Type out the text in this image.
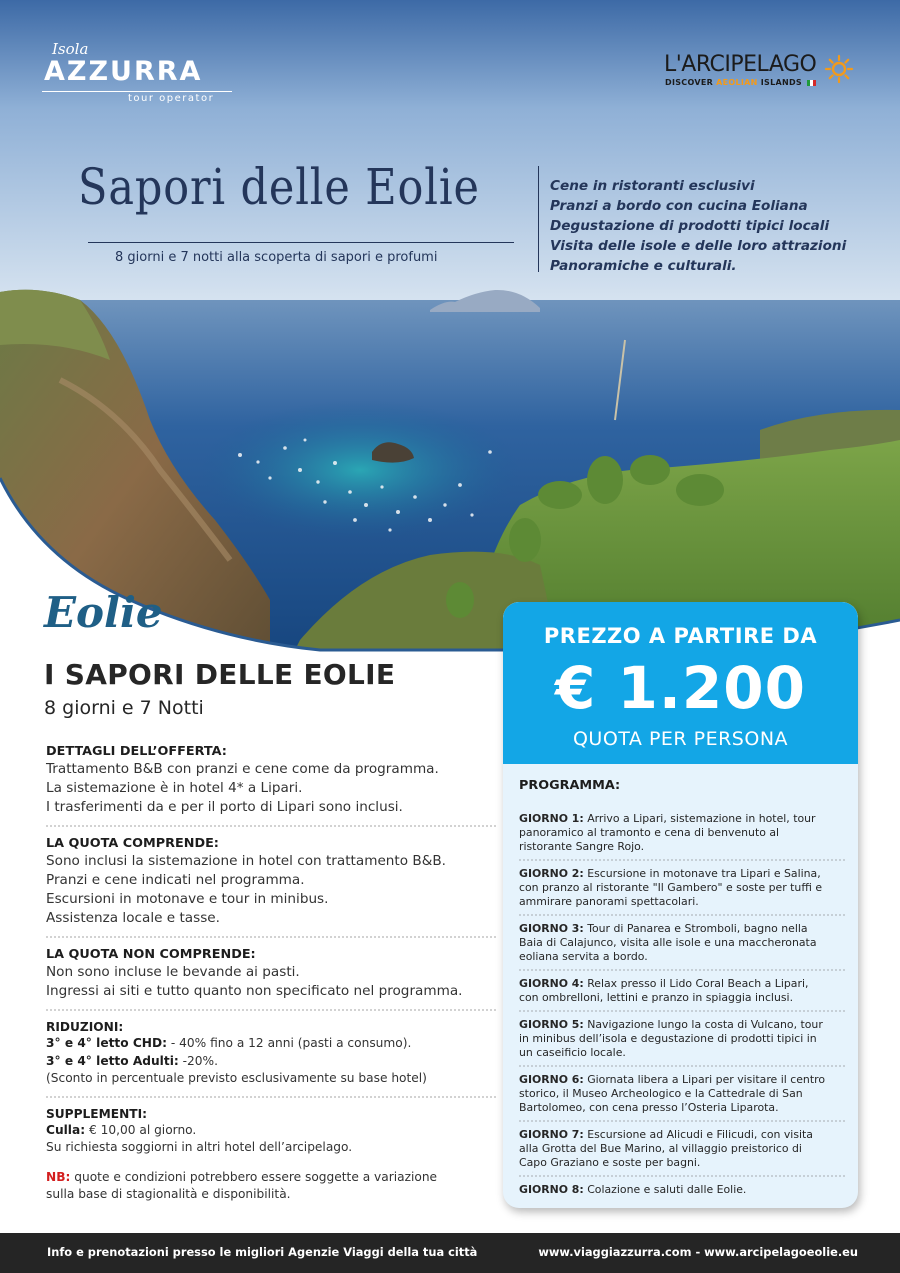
Isola
AZZURRA
tour operator
L'ARCIPELAGO
DISCOVER AEOLIAN ISLANDS
Sapori delle Eolie
8 giorni e 7 notti alla scoperta di sapori e profumi
Cene in ristoranti esclusivi
Pranzi a bordo con cucina Eoliana
Degustazione di prodotti tipici locali
Visita delle isole e delle loro attrazioni
Panoramiche e culturali.
Eolie
I SAPORI DELLE EOLIE
8 giorni e 7 Notti
DETTAGLI DELL’OFFERTA:

Trattamento B&B con pranzi e cene come da programma.

La sistemazione è in hotel 4* a Lipari.

I trasferimenti da e per il porto di Lipari sono inclusi.

LA QUOTA COMPRENDE:

Sono inclusi la sistemazione in hotel con trattamento B&B.

Pranzi e cene indicati nel programma.

Escursioni in motonave e tour in minibus.

Assistenza locale e tasse.

LA QUOTA NON COMPRENDE:

Non sono incluse le bevande ai pasti.

Ingressi ai siti e tutto quanto non specificato nel programma.

RIDUZIONI:

3° e 4° letto CHD: - 40% fino a 12 anni (pasti a consumo).

3° e 4° letto Adulti: -20%.

(Sconto in percentuale previsto esclusivamente su base hotel)

SUPPLEMENTI:

Culla: € 10,00 al giorno.

Su richiesta soggiorni in altri hotel dell’arcipelago.

NB: quote e condizioni potrebbero essere soggette a variazione
sulla base di stagionalità e disponibilità.
PREZZO A PARTIRE DA
€ 1.200
QUOTA PER PERSONA
PROGRAMMA:

GIORNO 1: Arrivo a Lipari, sistemazione in hotel, tour

panoramico al tramonto e cena di benvenuto al

ristorante Sangre Rojo.

GIORNO 2: Escursione in motonave tra Lipari e Salina,

con pranzo al ristorante "Il Gambero" e soste per tuffi e

ammirare panorami spettacolari.

GIORNO 3: Tour di Panarea e Stromboli, bagno nella

Baia di Calajunco, visita alle isole e una maccheronata

eoliana servita a bordo.

GIORNO 4: Relax presso il Lido Coral Beach a Lipari,

con ombrelloni, lettini e pranzo in spiaggia inclusi.

GIORNO 5: Navigazione lungo la costa di Vulcano, tour

in minibus dell’isola e degustazione di prodotti tipici in

un caseificio locale.

GIORNO 6: Giornata libera a Lipari per visitare il centro

storico, il Museo Archeologico e la Cattedrale di San

Bartolomeo, con cena presso l’Osteria Liparota.

GIORNO 7: Escursione ad Alicudi e Filicudi, con visita

alla Grotta del Bue Marino, al villaggio preistorico di

Capo Graziano e soste per bagni.

GIORNO 8: Colazione e saluti dalle Eolie.

Info e prenotazioni presso le migliori Agenzie Viaggi della tua città	www.viaggiazzurra.com - www.arcipelagoeolie.eu
